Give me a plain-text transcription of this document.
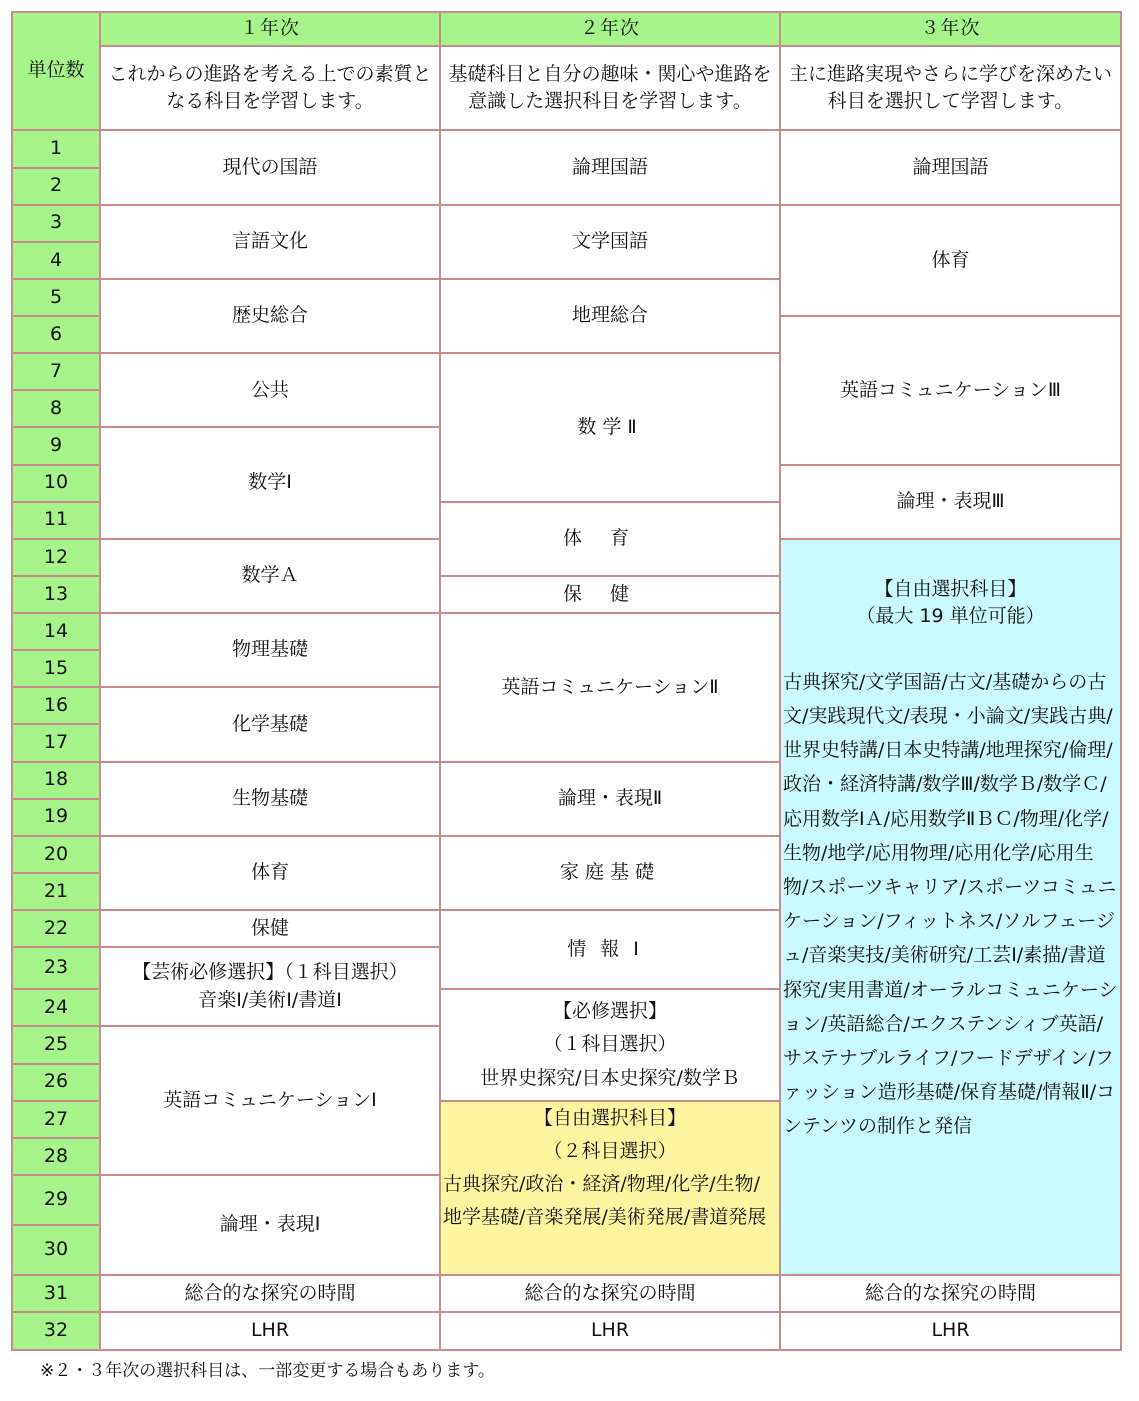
単位数	１年次	２年次	３年次
	これからの進路を考える上での素質となる科目を学習します。	基礎科目と自分の趣味・関心や進路を意識した選択科目を学習します。	主に進路実現やさらに学びを深めたい科目を選択して学習します。
1	現代の国語	論理国語	論理国語
2			
3	言語文化	文学国語	体育
4			
5	歴史総合	地理総合	
6			英語コミュニケーションⅢ
7	公共	数学Ⅱ	
8			
9	数学Ⅰ		
10			論理・表現Ⅲ
11		体育	
12	数学Ａ		【自由選択科目】
（最大 19 単位可能）
古典探究/文学国語/古文/基礎からの古文/実践現代文/表現・小論文/実践古典/世界史特講/日本史特講/地理探究/倫理/政治・経済特講/数学Ⅲ/数学Ｂ/数学Ｃ/応用数学ⅠＡ/応用数学ⅡＢＣ/物理/化学/生物/地学/応用物理/応用化学/応用生物/スポーツキャリア/スポーツコミュニケーション/フィットネス/ソルフェージュ/音楽実技/美術研究/工芸Ⅰ/素描/書道探究/実用書道/オーラルコミュニケーション/英語総合/エクステンシィブ英語/サステナブルライフ/フードデザイン/ファッション造形基礎/保育基礎/情報Ⅱ/コンテンツの制作と発信

13		保健	
14	物理基礎	英語コミュニケーションⅡ	
15			
16	化学基礎		
17			
18	生物基礎	論理・表現Ⅱ	
19			
20	体育	家庭基礎	
21			
22	保健	情報Ⅰ	
23	【芸術必修選択】（１科目選択）
音楽Ⅰ/美術Ⅰ/書道Ⅰ		

24		【必修選択】
（１科目選択）
世界史探究/日本史探究/数学Ｂ	

25	英語コミュニケーションⅠ		
26			
27		【自由選択科目】
（２科目選択）
古典探究/政治・経済/物理/化学/生物/地学基礎/音楽発展/美術発展/書道発展	

28			
29	論理・表現Ⅰ		
30			
31	総合的な探究の時間	総合的な探究の時間	総合的な探究の時間
32	LHR	LHR	LHR
※２・３年次の選択科目は、一部変更する場合もあります。
